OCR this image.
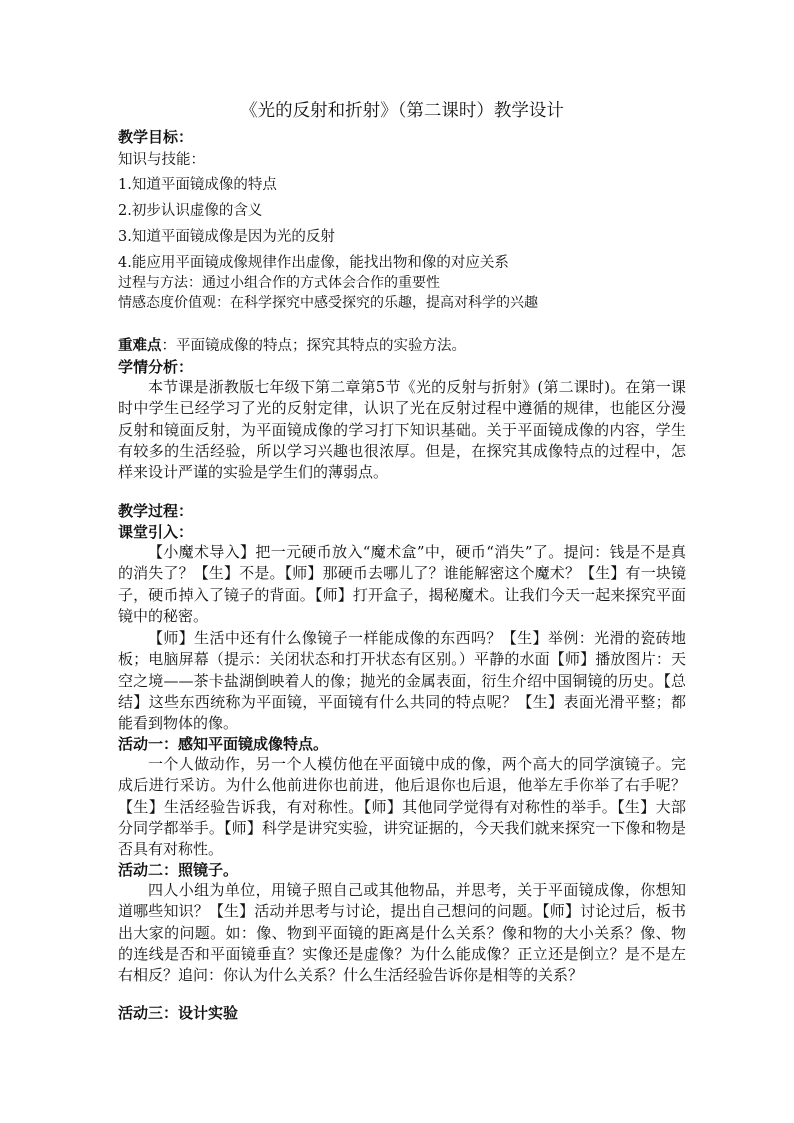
《光的反射和折射》（第二课时）教学设计
教学目标：
知识与技能：
1.知道平面镜成像的特点
2.初步认识虚像的含义
3.知道平面镜成像是因为光的反射
4.能应用平面镜成像规律作出虚像，能找出物和像的对应关系
过程与方法：通过小组合作的方式体会合作的重要性
情感态度价值观：在科学探究中感受探究的乐趣，提高对科学的兴趣
重难点：平面镜成像的特点；探究其特点的实验方法。
学情分析：
本节课是浙教版七年级下第二章第5节《光的反射与折射》(第二课时)。在第一课时中学生已经学习了光的反射定律，认识了光在反射过程中遵循的规律，也能区分漫反射和镜面反射，为平面镜成像的学习打下知识基础。关于平面镜成像的内容，学生有较多的生活经验，所以学习兴趣也很浓厚。但是，在探究其成像特点的过程中，怎样来设计严谨的实验是学生们的薄弱点。
教学过程：
课堂引入：
【小魔术导入】把一元硬币放入“魔术盒”中，硬币“消失”了。提问：钱是不是真的消失了？【生】不是。【师】那硬币去哪儿了？谁能解密这个魔术？【生】有一块镜子，硬币掉入了镜子的背面。【师】打开盒子，揭秘魔术。让我们今天一起来探究平面镜中的秘密。
【师】生活中还有什么像镜子一样能成像的东西吗？【生】举例：光滑的瓷砖地板；电脑屏幕（提示：关闭状态和打开状态有区别。）平静的水面【师】播放图片：天空之境——茶卡盐湖倒映着人的像；抛光的金属表面，衍生介绍中国铜镜的历史。【总结】这些东西统称为平面镜，平面镜有什么共同的特点呢？【生】表面光滑平整；都能看到物体的像。
活动一：感知平面镜成像特点。
一个人做动作，另一个人模仿他在平面镜中成的像，两个高大的同学演镜子。完成后进行采访。为什么他前进你也前进，他后退你也后退，他举左手你举了右手呢？【生】生活经验告诉我，有对称性。【师】其他同学觉得有对称性的举手。【生】大部分同学都举手。【师】科学是讲究实验，讲究证据的，今天我们就来探究一下像和物是否具有对称性。
活动二：照镜子。
四人小组为单位，用镜子照自己或其他物品，并思考，关于平面镜成像，你想知道哪些知识？【生】活动并思考与讨论，提出自己想问的问题。【师】讨论过后，板书出大家的问题。如：像、物到平面镜的距离是什么关系？像和物的大小关系？像、物的连线是否和平面镜垂直？实像还是虚像？为什么能成像？正立还是倒立？是不是左右相反？追问：你认为什么关系？什么生活经验告诉你是相等的关系？
活动三：设计实验
